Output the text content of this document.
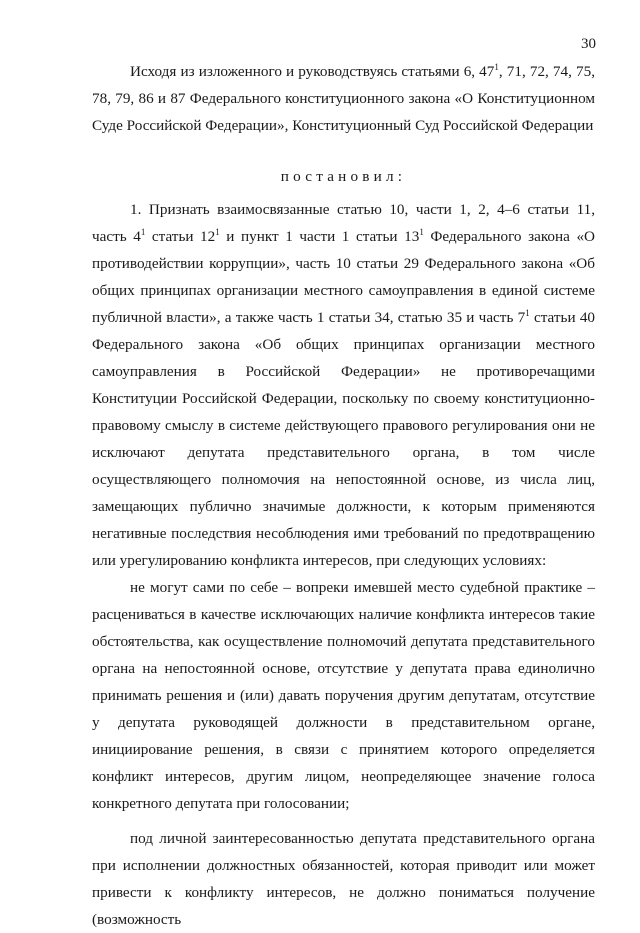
30

Исходя из изложенного и руководствуясь статьями 6, $47^1$, 71, 72, 74, 75, 78, 79, 86 и 87 Федерального конституционного закона «О Конституционном Суде Российской Федерации», Конституционный Суд Российской Федерации

постановил:

1. Признать взаимосвязанные статью 10, части 1, 2, 4–6 статьи 11, часть $4^1$ статьи $12^1$ и пункт 1 части 1 статьи $13^1$ Федерального закона «О противодействии коррупции», часть 10 статьи 29 Федерального закона «Об общих принципах организации местного самоуправления в единой системе публичной власти», а также часть 1 статьи 34, статью 35 и часть $7^1$ статьи 40 Федерального закона «Об общих принципах организации местного самоуправления в Российской Федерации» не противоречащими Конституции Российской Федерации, поскольку по своему конституционно-правовому смыслу в системе действующего правового регулирования они не исключают депутата представительного органа, в том числе осуществляющего полномочия на непостоянной основе, из числа лиц, замещающих публично значимые должности, к которым применяются негативные последствия несоблюдения ими требований по предотвращению или урегулированию конфликта интересов, при следующих условиях:

не могут сами по себе – вопреки имевшей место судебной практике – расцениваться в качестве исключающих наличие конфликта интересов такие обстоятельства, как осуществление полномочий депутата представительного органа на непостоянной основе, отсутствие у депутата права единолично принимать решения и (или) давать поручения другим депутатам, отсутствие у депутата руководящей должности в представительном органе, инициирование решения, в связи с принятием которого определяется конфликт интересов, другим лицом, неопределяющее значение голоса конкретного депутата при голосовании;

под личной заинтересованностью депутата представительного органа при исполнении должностных обязанностей, которая приводит или может привести к конфликту интересов, не должно пониматься получение (возможность
